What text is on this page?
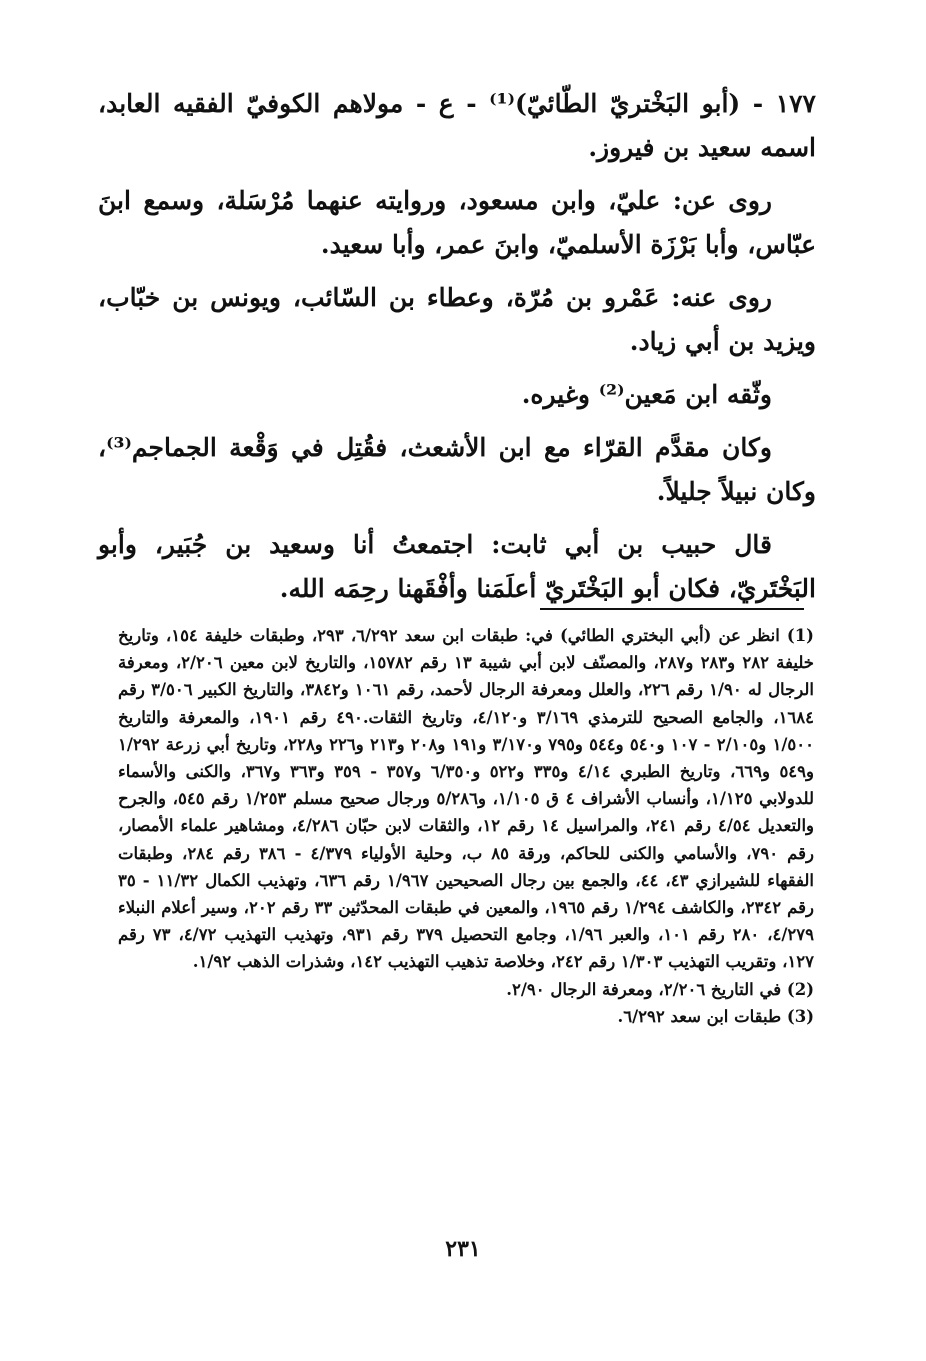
١٧٧ - (أبو البَخْتريّ الطّائيّ)⁽¹⁾ - ع - مولاهم الكوفيّ الفقيه العابد، اسمه سعيد بن فيروز.

روى عن: عليّ، وابن مسعود، وروايته عنهما مُرْسَلة، وسمع ابنَ عبّاس، وأبا بَرْزَة الأسلميّ، وابنَ عمر، وأبا سعيد.

روى عنه: عَمْرو بن مُرّة، وعطاء بن السّائب، ويونس بن خبّاب، ويزيد بن أبي زياد.

وثّقه ابن مَعين⁽²⁾ وغيره.

وكان مقدَّم القرّاء مع ابن الأشعث، فقُتِل في وَقْعة الجماجم⁽³⁾، وكان نبيلاً جليلاً.

قال حبيب بن أبي ثابت: اجتمعتُ أنا وسعيد بن جُبَير، وأبو البَخْتَريّ، فكان أبو البَخْتَريّ أعلَمَنا وأفْقَهنا رحِمَه الله.

(1) انظر عن (أبي البختري الطائي) في: طبقات ابن سعد ٦/٢٩٢، ٢٩٣، وطبقات خليفة ١٥٤، وتاريخ خليفة ٢٨٢ و٢٨٣ و٢٨٧، والمصنّف لابن أبي شيبة ١٣ رقم ١٥٧٨٢، والتاريخ لابن معين ٢/٢٠٦، ومعرفة الرجال له ١/٩٠ رقم ٢٢٦، والعلل ومعرفة الرجال لأحمد، رقم ١٠٦١ و٣٨٤٢، والتاريخ الكبير ٣/٥٠٦ رقم ١٦٨٤، والجامع الصحيح للترمذي ٣/١٦٩ و٤/١٢٠، وتاريخ الثقات.٤٩٠ رقم ١٩٠١، والمعرفة والتاريخ ١/٥٠٠ و٢/١٠٥ - ١٠٧ و٥٤٠ و٥٤٤ و٧٩٥ و٣/١٧٠ و١٩١ و٢٠٨ و٢١٣ و٢٢٦ و٢٢٨، وتاريخ أبي زرعة ١/٢٩٢ و٥٤٩ و٦٦٩، وتاريخ الطبري ٤/١٤ و٣٣٥ و٥٢٢ و٦/٣٥٠ و٣٥٧ - ٣٥٩ و٣٦٣ و٣٦٧، والكنى والأسماء للدولابي ١/١٢٥، وأنساب الأشراف ٤ ق ١/١٠٥، و٥/٢٨٦ ورجال صحيح مسلم ١/٢٥٣ رقم ٥٤٥، والجرح والتعديل ٤/٥٤ رقم ٢٤١، والمراسيل ١٤ رقم ١٢، والثقات لابن حبّان ٤/٢٨٦، ومشاهير علماء الأمصار، رقم ٧٩٠، والأسامي والكنى للحاكم، ورقة ٨٥ ب، وحلية الأولياء ٤/٣٧٩ - ٣٨٦ رقم ٢٨٤، وطبقات الفقهاء للشيرازي ٤٣، ٤٤، والجمع بين رجال الصحيحين ١/٩٦٧ رقم ٦٣٦، وتهذيب الكمال ١١/٣٢ - ٣٥ رقم ٢٣٤٢، والكاشف ١/٢٩٤ رقم ١٩٦٥، والمعين في طبقات المحدّثين ٣٣ رقم ٢٠٢، وسير أعلام النبلاء ٤/٢٧٩، ٢٨٠ رقم ١٠١، والعبر ١/٩٦، وجامع التحصيل ٣٧٩ رقم ٩٣١، وتهذيب التهذيب ٤/٧٢، ٧٣ رقم ١٢٧، وتقريب التهذيب ١/٣٠٣ رقم ٢٤٢، وخلاصة تذهيب التهذيب ١٤٢، وشذرات الذهب ١/٩٢.

(2) في التاريخ ٢/٢٠٦، ومعرفة الرجال ٢/٩٠.

(3) طبقات ابن سعد ٦/٢٩٢.

٢٣١
